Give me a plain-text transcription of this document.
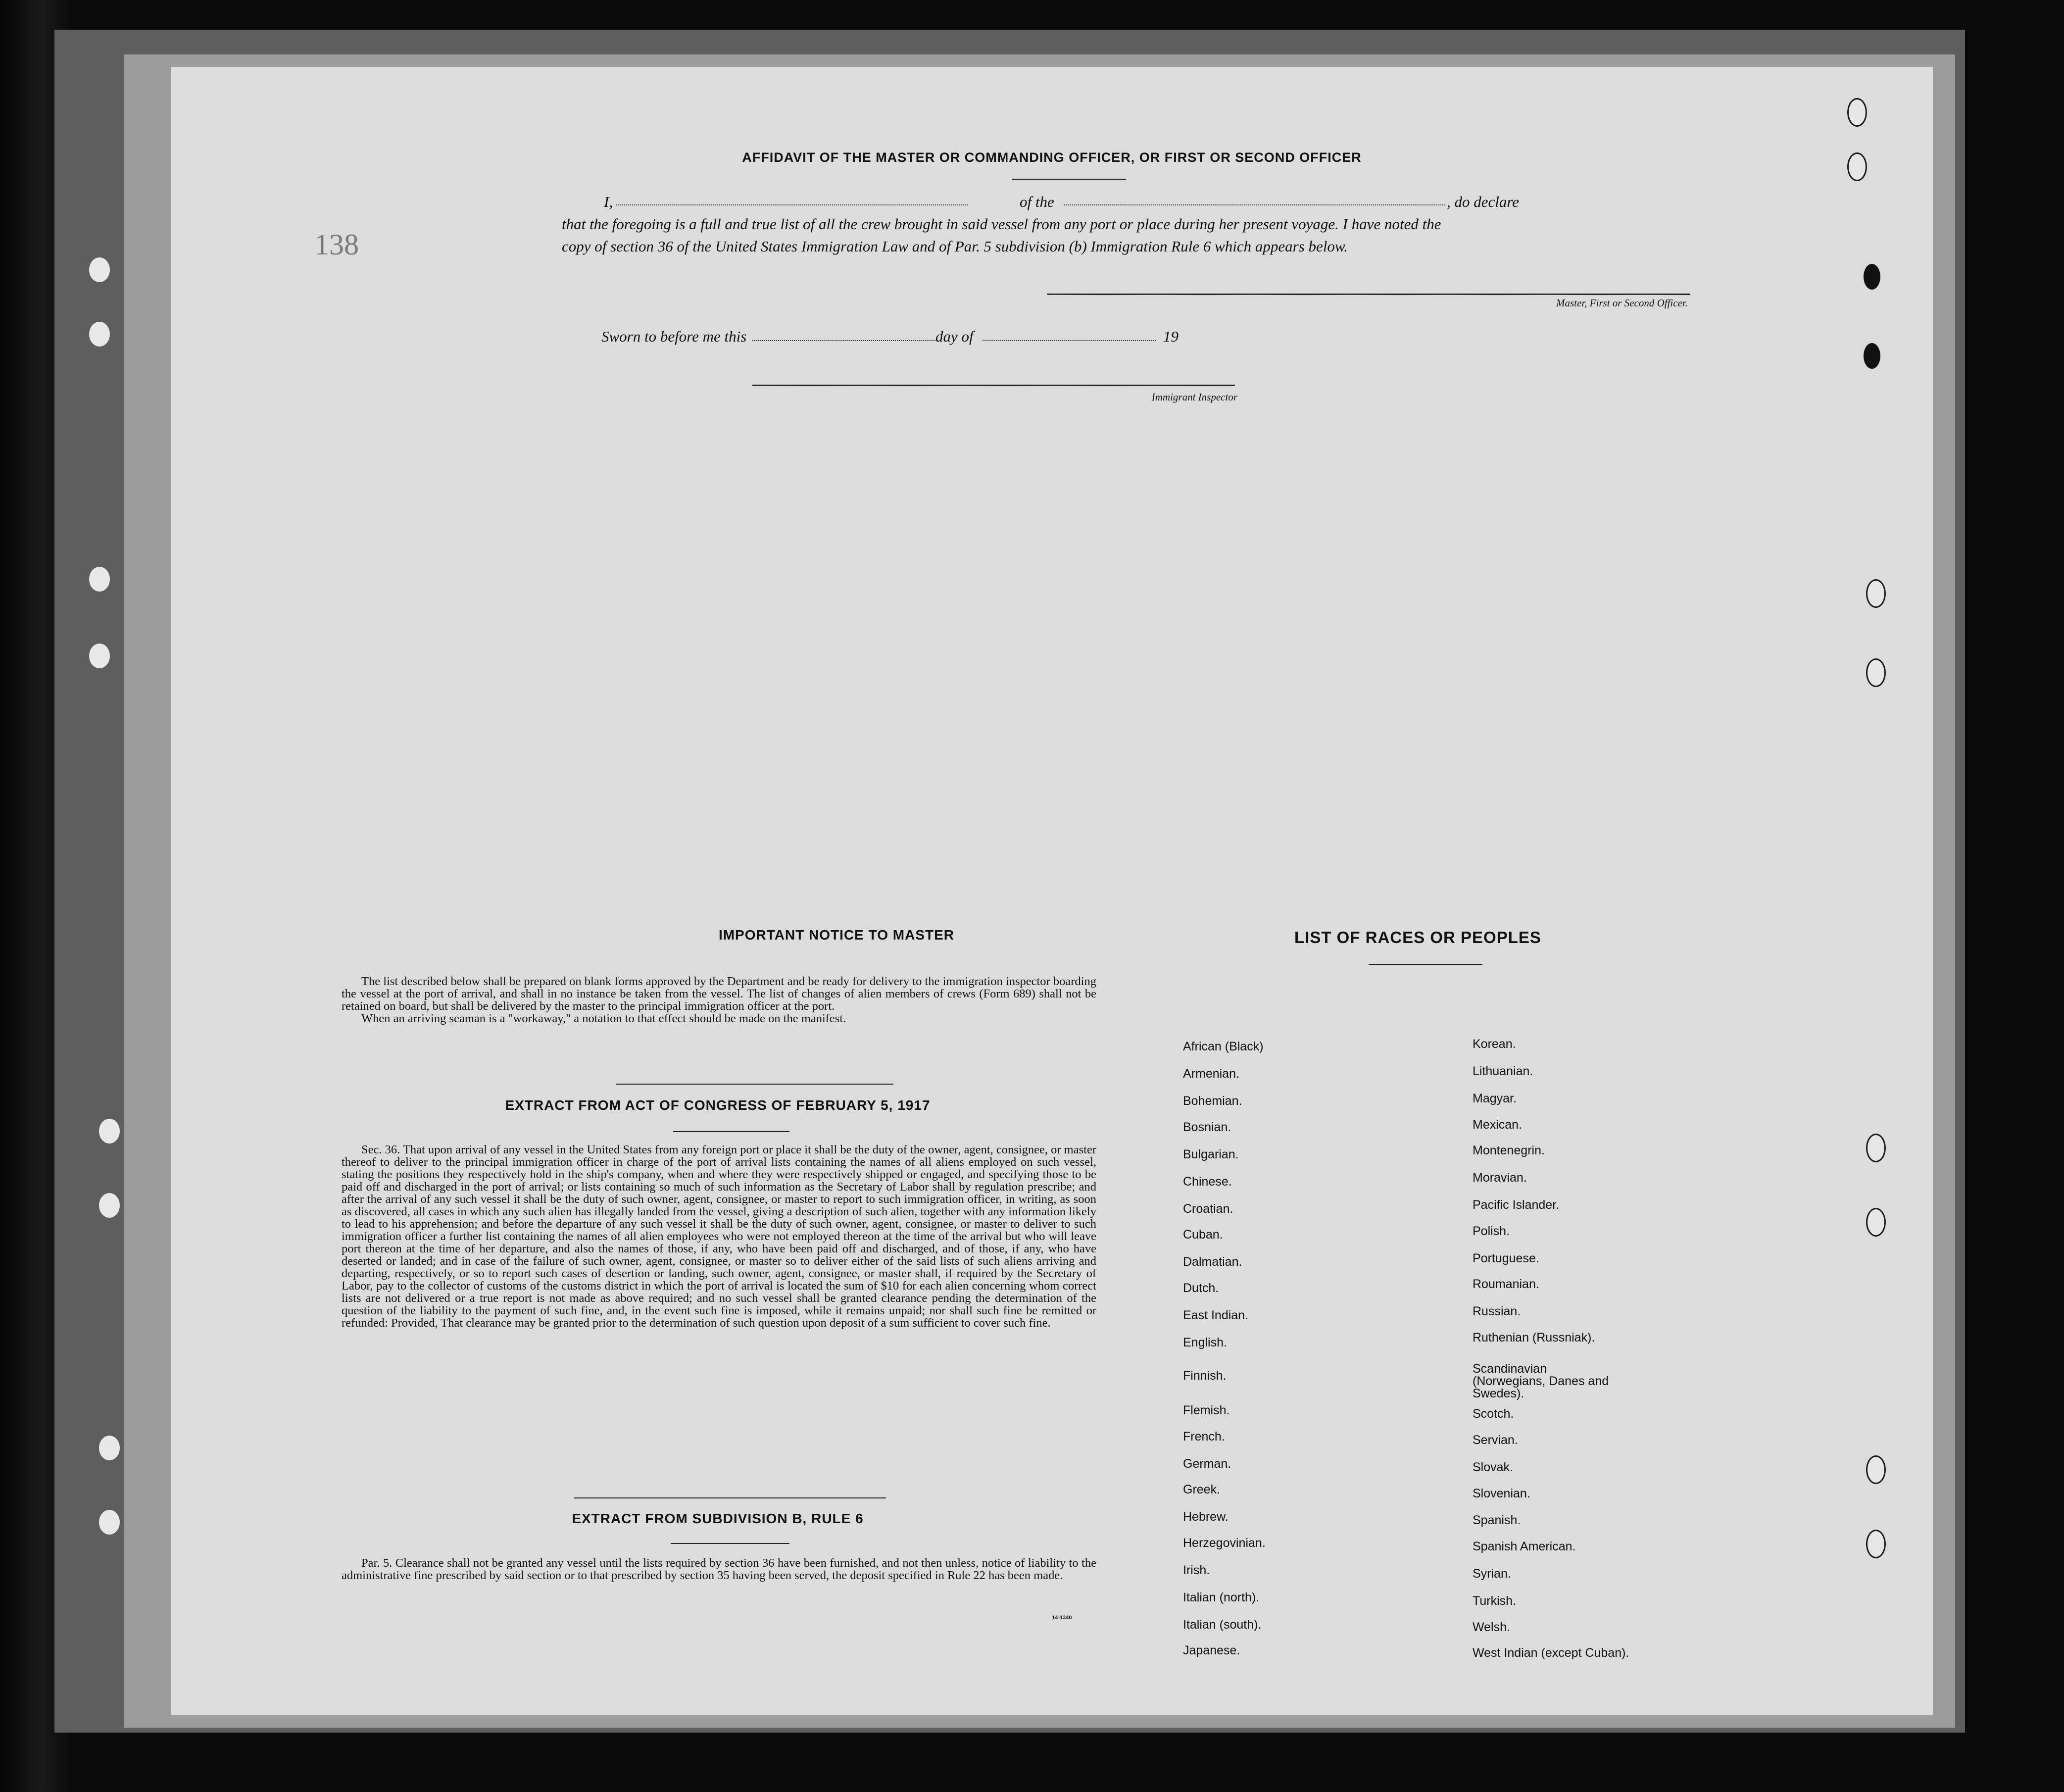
138
AFFIDAVIT OF THE MASTER OR COMMANDING OFFICER, OR FIRST OR SECOND OFFICER
I,	of the	, do declare
that the foregoing is a full and true list of all the crew brought in said vessel from any port or place during her present voyage. I have noted the
copy of section 36 of the United States Immigration Law and of Par. 5 subdivision (b) Immigration Rule 6 which appears below.
Master, First or Second Officer.
Sworn to before me this	day of	19
Immigrant Inspector
IMPORTANT NOTICE TO MASTER

The list described below shall be prepared on blank forms approved by the Department and be ready for delivery to the immigration inspector boarding the vessel at the port of arrival, and shall in no instance be taken from the vessel. The list of changes of alien members of crews (Form 689) shall not be retained on board, but shall be delivered by the master to the principal immigration officer at the port.

When an arriving seaman is a "workaway," a notation to that effect should be made on the manifest.

EXTRACT FROM ACT OF CONGRESS OF FEBRUARY 5, 1917

Sec. 36. That upon arrival of any vessel in the United States from any foreign port or place it shall be the duty of the owner, agent, consignee, or master thereof to deliver to the principal immigration officer in charge of the port of arrival lists containing the names of all aliens employed on such vessel, stating the positions they respectively hold in the ship's company, when and where they were respectively shipped or engaged, and specifying those to be paid off and discharged in the port of arrival; or lists containing so much of such information as the Secretary of Labor shall by regulation prescribe; and after the arrival of any such vessel it shall be the duty of such owner, agent, consignee, or master to report to such immigration officer, in writing, as soon as discovered, all cases in which any such alien has illegally landed from the vessel, giving a description of such alien, together with any information likely to lead to his apprehension; and before the departure of any such vessel it shall be the duty of such owner, agent, consignee, or master to deliver to such immigration officer a further list containing the names of all alien employees who were not employed thereon at the time of the arrival but who will leave port thereon at the time of her departure, and also the names of those, if any, who have been paid off and discharged, and of those, if any, who have deserted or landed; and in case of the failure of such owner, agent, consignee, or master so to deliver either of the said lists of such aliens arriving and departing, respectively, or so to report such cases of desertion or landing, such owner, agent, consignee, or master shall, if required by the Secretary of Labor, pay to the collector of customs of the customs district in which the port of arrival is located the sum of $10 for each alien concerning whom correct lists are not delivered or a true report is not made as above required; and no such vessel shall be granted clearance pending the determination of the question of the liability to the payment of such fine, and, in the event such fine is imposed, while it remains unpaid; nor shall such fine be remitted or refunded: Provided, That clearance may be granted prior to the determination of such question upon deposit of a sum sufficient to cover such fine.

EXTRACT FROM SUBDIVISION B, RULE 6

Par. 5. Clearance shall not be granted any vessel until the lists required by section 36 have been furnished, and not then unless, notice of liability to the administrative fine prescribed by said section or to that prescribed by section 35 having been served, the deposit specified in Rule 22 has been made.

14-1340
LIST OF RACES OR PEOPLES
African (Black)
Armenian.
Bohemian.
Bosnian.
Bulgarian.
Chinese.
Croatian.
Cuban.
Dalmatian.
Dutch.
East Indian.
English.
Finnish.
Flemish.
French.
German.
Greek.
Hebrew.
Herzegovinian.
Irish.
Italian (north).
Italian (south).
Japanese.
Korean.
Lithuanian.
Magyar.
Mexican.
Montenegrin.
Moravian.
Pacific Islander.
Polish.
Portuguese.
Roumanian.
Russian.
Ruthenian (Russniak).
Scandinavian (Norwegians, Danes and Swedes).
Scotch.
Servian.
Slovak.
Slovenian.
Spanish.
Spanish American.
Syrian.
Turkish.
Welsh.
West Indian (except Cuban).
